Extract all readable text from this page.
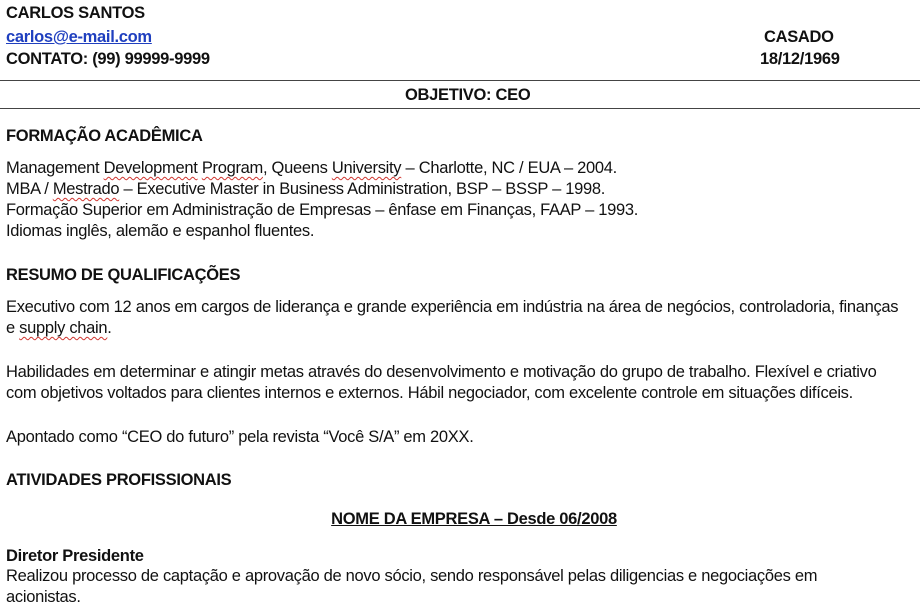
CARLOS SANTOS
carlos@e-mail.com
CONTATO: (99) 99999-9999
CASADO
18/12/1969
OBJETIVO: CEO
FORMAÇÃO ACADÊMICA
Management Development Program, Queens University – Charlotte, NC / EUA – 2004.
MBA / Mestrado – Executive Master in Business Administration, BSP – BSSP – 1998.
Formação Superior em Administração de Empresas – ênfase em Finanças, FAAP – 1993.
Idiomas inglês, alemão e espanhol fluentes.
RESUMO DE QUALIFICAÇÕES
Executivo com 12 anos em cargos de liderança e grande experiência em indústria na área de negócios, controladoria, finanças
e supply chain.
Habilidades em determinar e atingir metas através do desenvolvimento e motivação do grupo de trabalho. Flexível e criativo
com objetivos voltados para clientes internos e externos. Hábil negociador, com excelente controle em situações difíceis.
Apontado como “CEO do futuro” pela revista “Você S/A” em 20XX.
ATIVIDADES PROFISSIONAIS
NOME DA EMPRESA – Desde 06/2008
Diretor Presidente
Realizou processo de captação e aprovação de novo sócio, sendo responsável pelas diligencias e negociações em
acionistas.
